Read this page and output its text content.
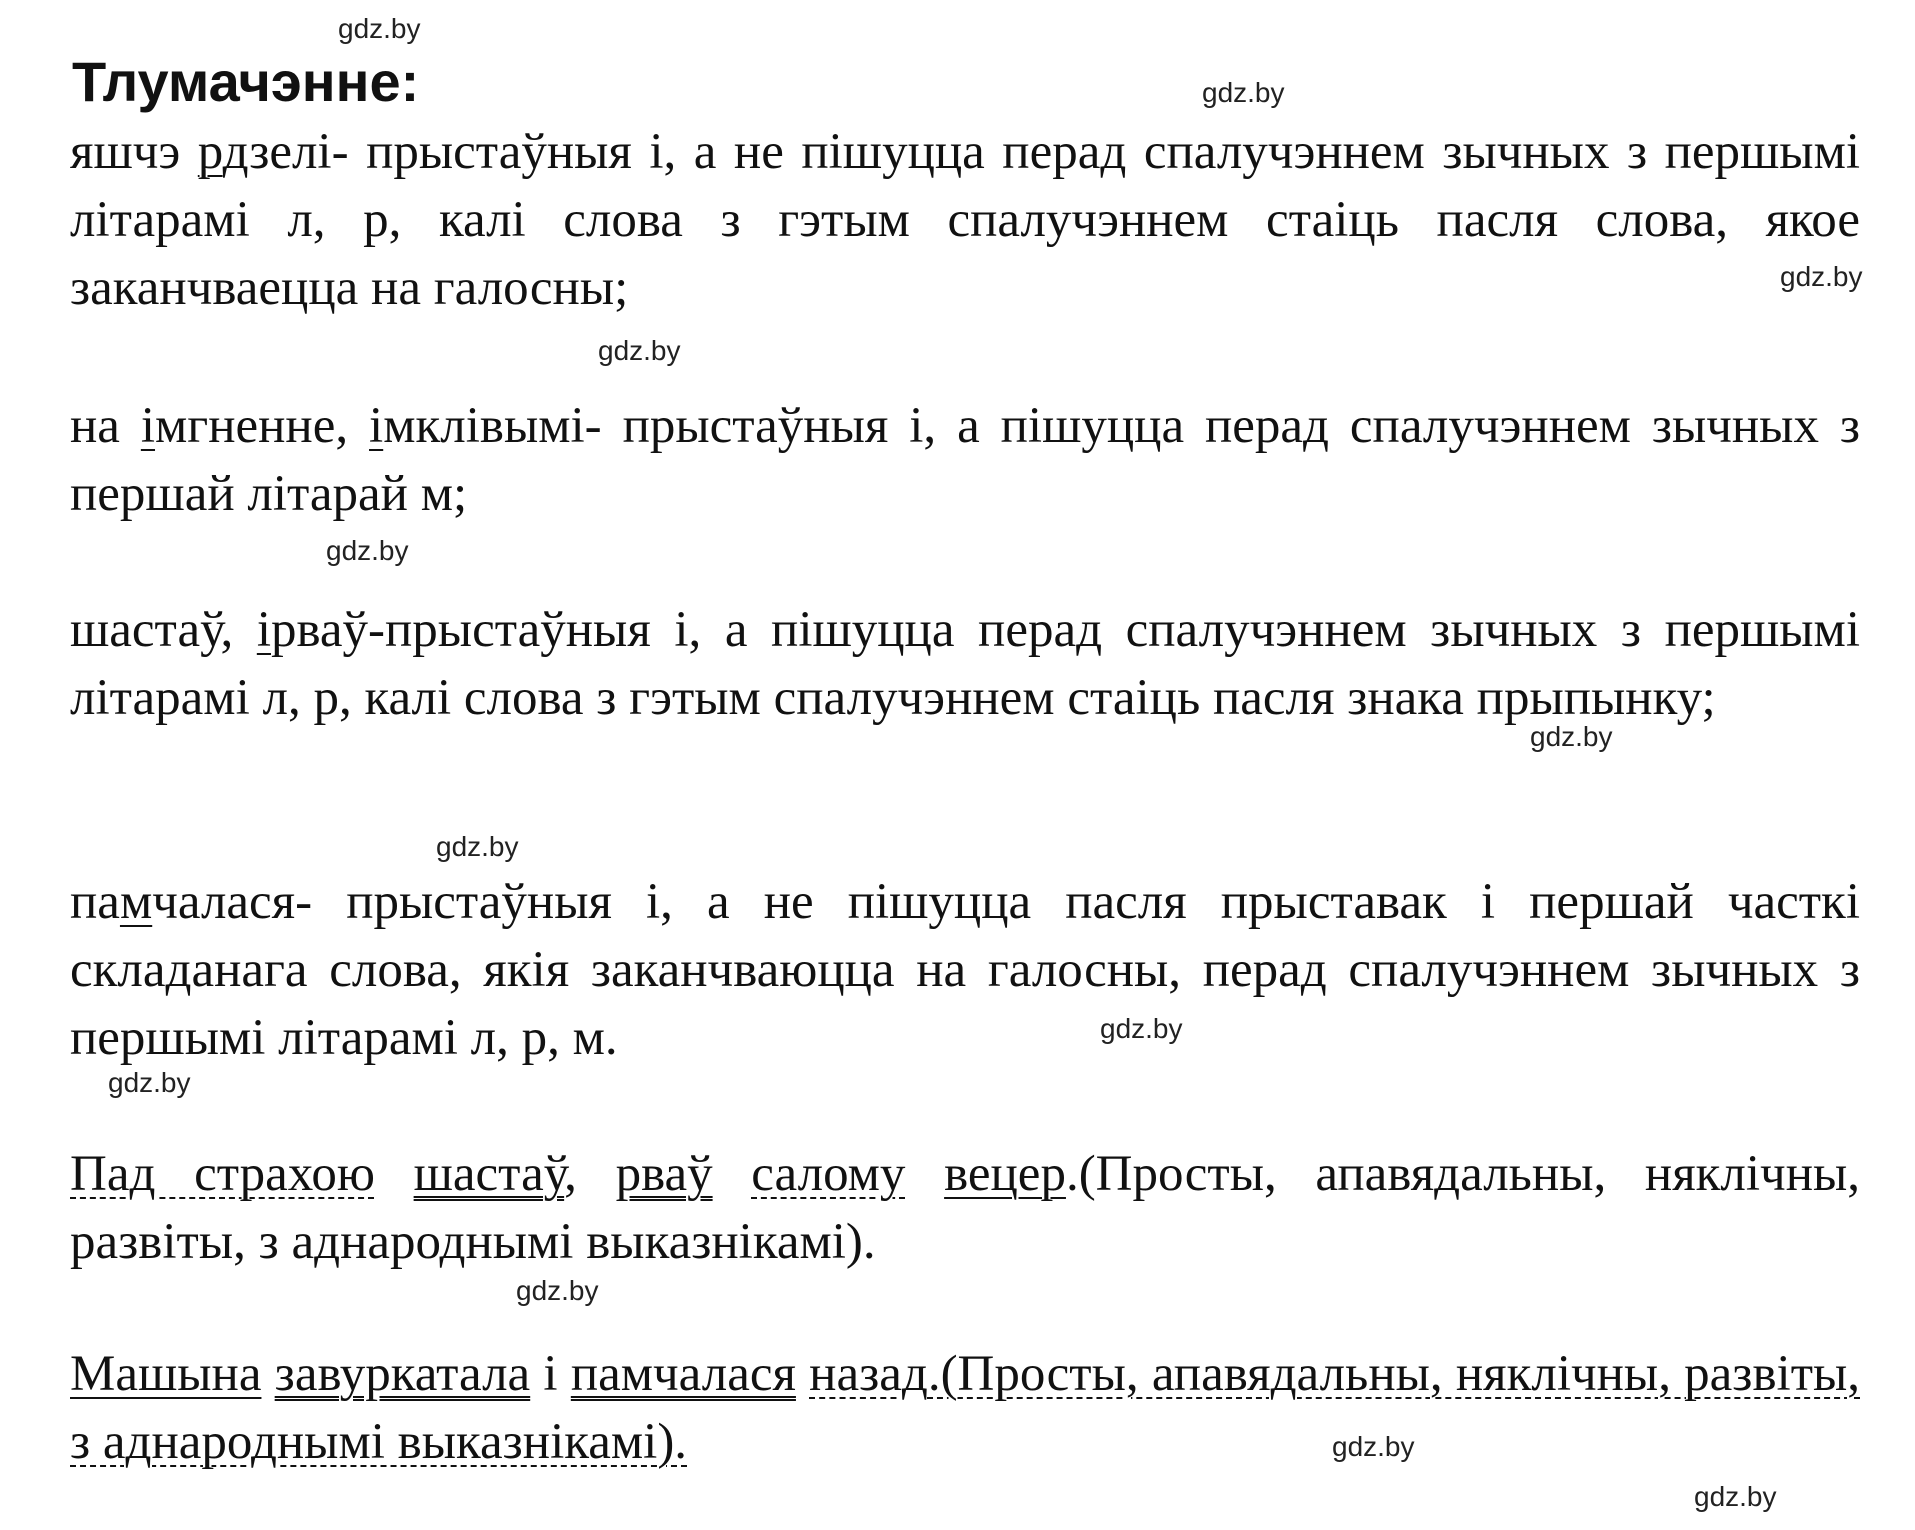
Тлумачэнне:

яшчэ рдзелі- прыстаўныя і, а не пішуцца перад спалучэннем зычных з першымі літарамі л, р, калі слова з гэтым спалучэннем стаіць пасля слова, якое заканчваецца на галосны;

на імгненне, імклівымі- прыстаўныя і, а пішуцца перад спалучэннем зычных з першай літарай м;

шастаў, ірваў-прыстаўныя і, а пішуцца перад спалучэннем зычных з першымі літарамі л, р, калі слова з гэтым спалучэннем стаіць пасля знака прыпынку;

памчалася- прыстаўныя і, а не пішуцца пасля прыставак і першай часткі складанага слова, якія заканчваюцца на галосны, перад спалучэннем зычных з першымі літарамі л, р, м.

Пад страхою шастаў, рваў салому вецер.(Просты, апавядальны, няклічны, развіты, з аднароднымі выказнікамі).

Машына завуркатала і памчалася назад.(Просты, апавядальны, няклічны, развіты, з аднароднымі выказнікамі).

gdz.by
gdz.by
gdz.by
gdz.by
gdz.by
gdz.by
gdz.by
gdz.by
gdz.by
gdz.by
gdz.by
gdz.by
